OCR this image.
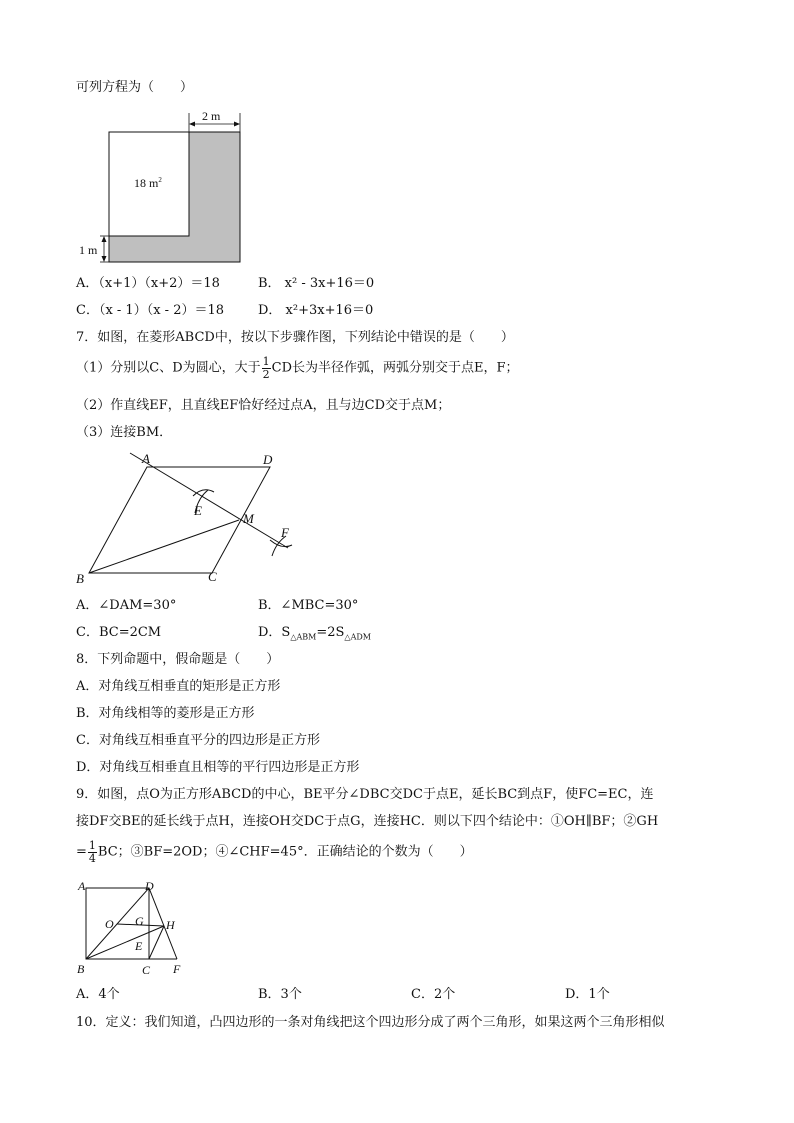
可列方程为（　　）
2 m
18 $m^2$
1 m
A．（x+1）（x+2）＝18	B． x² - 3x+16＝0
C．（x - 1）（x - 2）＝18	D． x²+3x+16＝0
7．如图，在菱形ABCD中，按以下步骤作图，下列结论中错误的是（　　）
（1）分别以C、D为圆心，大于 $\frac{1}{2}$ CD长为半径作弧，两弧分别交于点E，F；
（2）作直线EF，且直线EF恰好经过点A，且与边CD交于点M；
（3）连接BM．
A	D
E
M
F
B	C
A．∠DAM=30°	B．∠MBC=30°
C．BC=2CM	D．$S_{\triangle ABM}=2S_{\triangle ADM}$
8．下列命题中，假命题是（　　）
A．对角线互相垂直的矩形是正方形
B．对角线相等的菱形是正方形
C．对角线互相垂直平分的四边形是正方形
D．对角线互相垂直且相等的平行四边形是正方形
9．如图，点O为正方形ABCD的中心，BE平分∠DBC交DC于点E，延长BC到点F，使FC=EC，连
接DF交BE的延长线于点H，连接OH交DC于点G，连接HC．则以下四个结论中：①OH∥BF；②GH
= $\frac{1}{4}$ BC；③BF=2OD；④∠CHF=45°．正确结论的个数为（　　）
A	D
O G H
E
B	C F
A．4个	B．3个	C．2个	D．1个
10．定义：我们知道，凸四边形的一条对角线把这个四边形分成了两个三角形，如果这两个三角形相似
